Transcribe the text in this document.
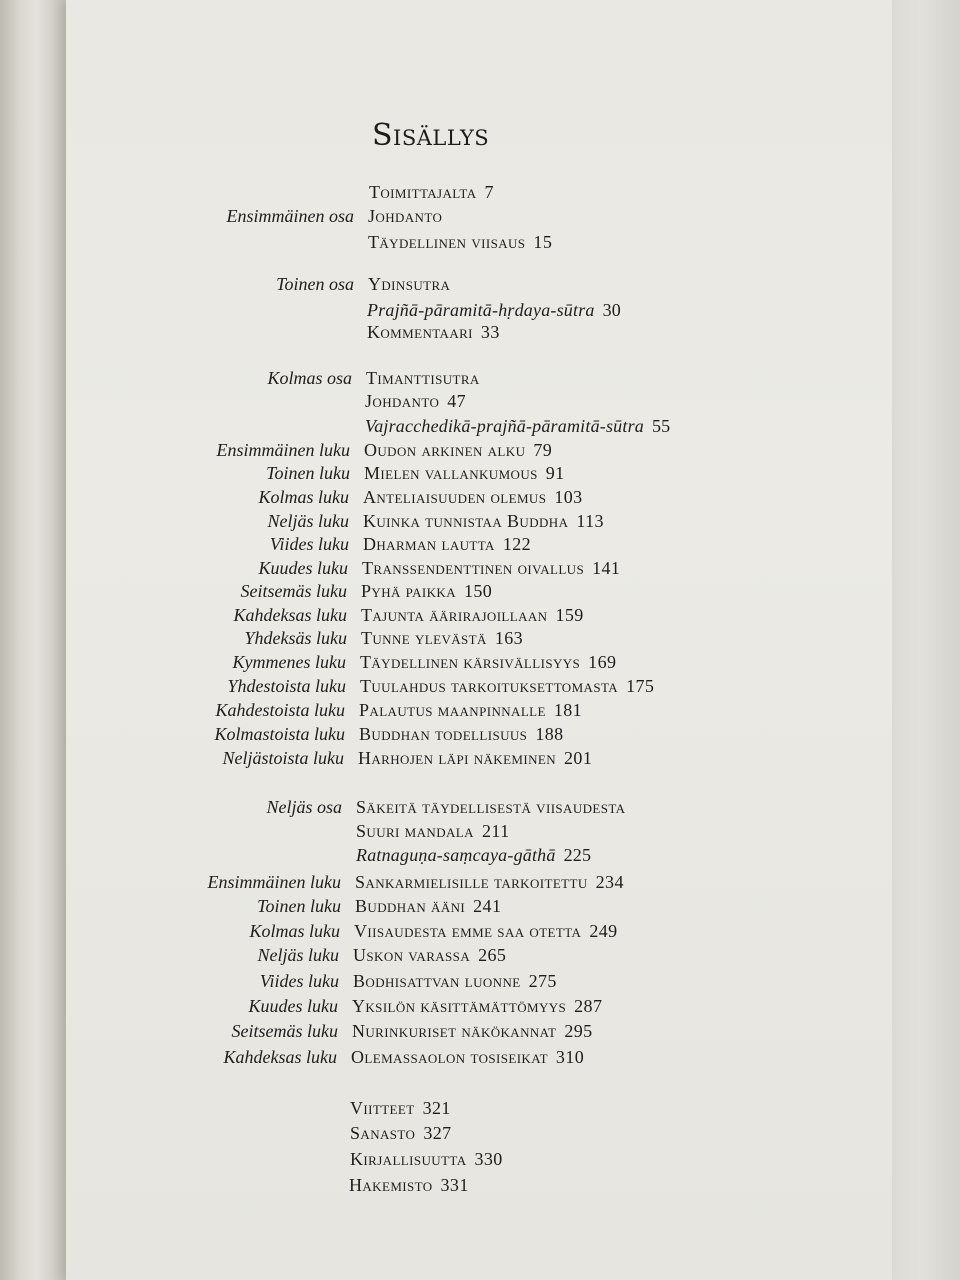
Sisällys
Toimittajalta 7
Ensimmäinen osa Johdanto
Täydellinen viisaus 15
Toinen osa Ydinsutra
Prajñā-pāramitā-hṛdaya-sūtra 30
Kommentaari 33
Kolmas osa Timanttisutra
Johdanto 47
Vajracchedikā-prajñā-pāramitā-sūtra 55
Ensimmäinen luku Oudon arkinen alku 79
Toinen luku Mielen vallankumous 91
Kolmas luku Anteliaisuuden olemus 103
Neljäs luku Kuinka tunnistaa Buddha 113
Viides luku Dharman lautta 122
Kuudes luku Transsendenttinen oivallus 141
Seitsemäs luku Pyhä paikka 150
Kahdeksas luku Tajunta äärirajoillaan 159
Yhdeksäs luku Tunne ylevästä 163
Kymmenes luku Täydellinen kärsivällisyys 169
Yhdestoista luku Tuulahdus tarkoituksettomasta 175
Kahdestoista luku Palautus maanpinnalle 181
Kolmastoista luku Buddhan todellisuus 188
Neljästoista luku Harhojen läpi näkeminen 201
Neljäs osa Säkeitä täydellisestä viisaudesta
Suuri mandala 211
Ratnaguṇa-saṃcaya-gāthā 225
Ensimmäinen luku Sankarmielisille tarkoitettu 234
Toinen luku Buddhan ääni 241
Kolmas luku Viisaudesta emme saa otetta 249
Neljäs luku Uskon varassa 265
Viides luku Bodhisattvan luonne 275
Kuudes luku Yksilön käsittämättömyys 287
Seitsemäs luku Nurinkuriset näkökannat 295
Kahdeksas luku Olemassaolon tosiseikat 310
Viitteet 321
Sanasto 327
Kirjallisuutta 330
Hakemisto 331
